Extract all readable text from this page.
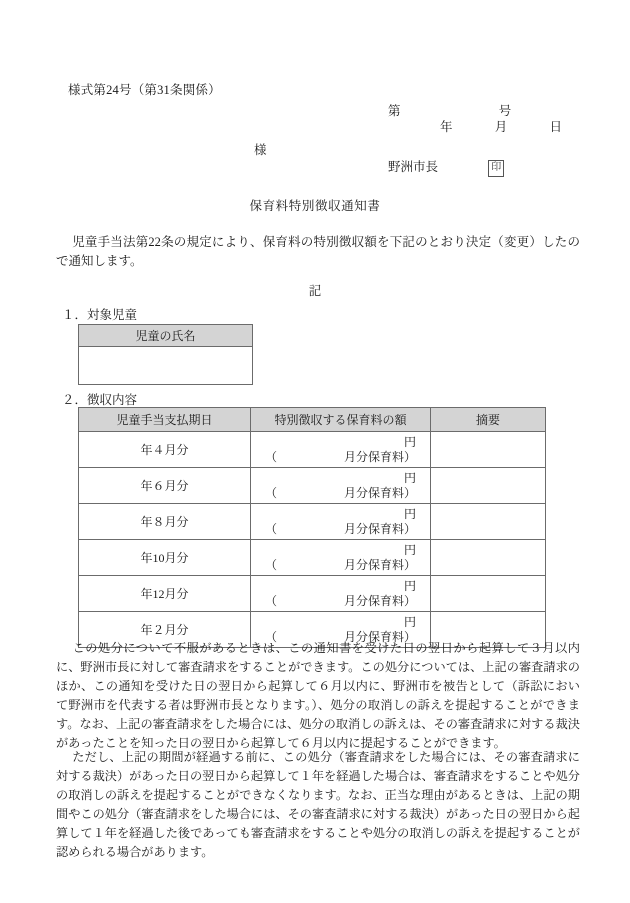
様式第24号（第31条関係）
第	号
年	月	日
様
野洲市長	印
保育料特別徴収通知書
児童手当法第22条の規定により、保育料の特別徴収額を下記のとおり決定（変更）したので通知します。
記
１．対象児童
児童の氏名

２．徴収内容
児童手当支払期日	特別徴収する保育料の額	摘要
年４月分	円
（ 月分保育料）	

年６月分	円
（ 月分保育料）	

年８月分	円
（ 月分保育料）	

年10月分	円
（ 月分保育料）	

年12月分	円
（ 月分保育料）	

年２月分	円
（ 月分保育料）	

この処分について不服があるときは、この通知書を受けた日の翌日から起算して３月以内に、野洲市長に対して審査請求をすることができます。この処分については、上記の審査請求のほか、この通知を受けた日の翌日から起算して６月以内に、野洲市を被告として（訴訟において野洲市を代表する者は野洲市長となります。）、処分の取消しの訴えを提起することができます。なお、上記の審査請求をした場合には、処分の取消しの訴えは、その審査請求に対する裁決があったことを知った日の翌日から起算して６月以内に提起することができます。
ただし、上記の期間が経過する前に、この処分（審査請求をした場合には、その審査請求に対する裁決）があった日の翌日から起算して１年を経過した場合は、審査請求をすることや処分の取消しの訴えを提起することができなくなります。なお、正当な理由があるときは、上記の期間やこの処分（審査請求をした場合には、その審査請求に対する裁決）があった日の翌日から起算して１年を経過した後であっても審査請求をすることや処分の取消しの訴えを提起することが認められる場合があります。
